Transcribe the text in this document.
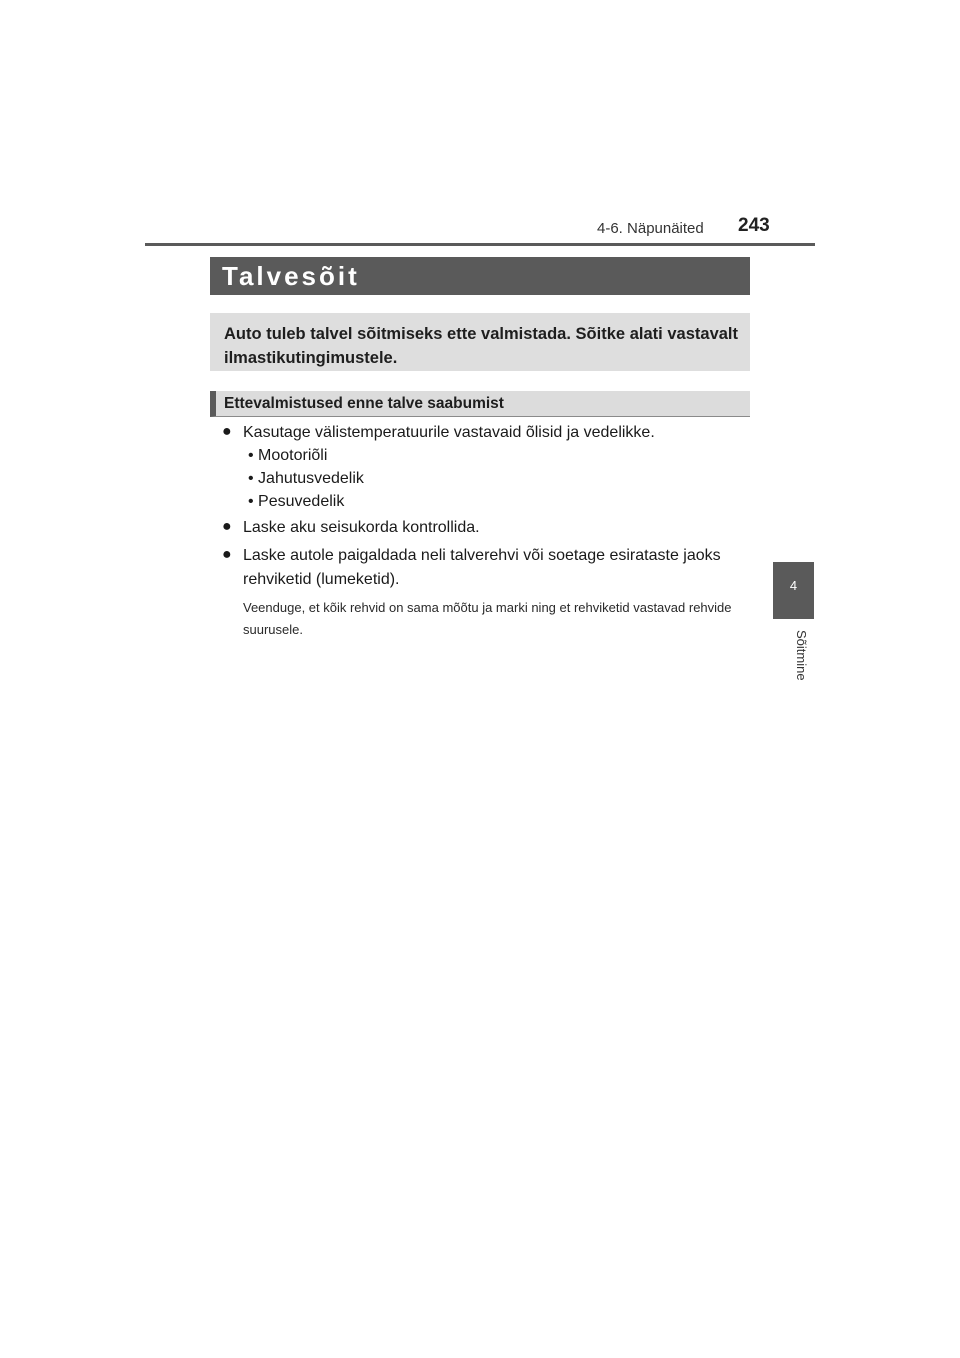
4-6. Näpunäited 243
4
Sõitmine
Talvesõit
Auto tuleb talvel sõitmiseks ette valmistada. Sõitke alati vastavalt ilmastikutingimustele.
Ettevalmistused enne talve saabumist
● Kasutage välistemperatuurile vastavaid õlisid ja vedelikke.
• Mootoriõli
• Jahutusvedelik
• Pesuvedelik
● Laske aku seisukorda kontrollida.
● Laske autole paigaldada neli talverehvi või soetage esirataste jaoks rehviketid (lumeketid).
Veenduge, et kõik rehvid on sama mõõtu ja marki ning et rehviketid vastavad rehvide suurusele.
